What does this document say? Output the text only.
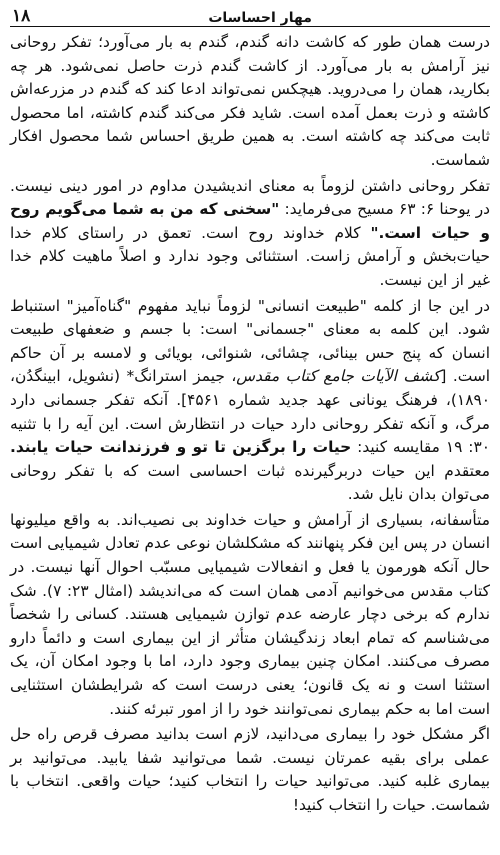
۱۸	مهار احساسات

درست همان طور که کاشت دانه گندم، گندم به بار می‌آورد؛ تفکر روحانی نیز آرامش به بار می‌آورد. از کاشت گندم ذرت حاصل نمی‌شود. هر چه بکارید، همان را می‌دروید. هیچکس نمی‌تواند ادعا کند که گندم در مزرعه‌اش کاشته و ذرت بعمل آمده است. شاید فکر می‌کند گندم کاشته، اما محصول ثابت می‌کند چه کاشته است. به همین طریق احساس شما محصول افکار شماست.

تفکر روحانی داشتن لزوماً به معنای اندیشیدن مداوم در امور دینی نیست. در یوحنا ۶: ۶۳ مسیح می‌فرماید: "سخنی که من به شما می‌گویم روح و حیات است." کلام خداوند روح است. تعمق در راستای کلام خدا حیات‌بخش و آرامش زاست. استثنائی وجود ندارد و اصلاً ماهیت کلام خدا غیر از این نیست.

در این جا از کلمه "طبیعت انسانی" لزوماً نباید مفهوم "گناه‌آمیز" استنباط شود. این کلمه به معنای "جسمانی" است: با جسم و ضعفهای طبیعت انسان که پنج حس بینائی، چشائی، شنوائی، بویائی و لامسه بر آن حاکم است. [کشف الآیات جامع کتاب مقدس، جیمز استرانگ* (نشویل، ابینگدُن، ۱۸۹۰)، فرهنگ یونانی عهد جدید شماره ۴۵۶۱]. آنکه تفکر جسمانی دارد مرگ، و آنکه تفکر روحانی دارد حیات در انتظارش است. این آیه را با تثنیه ۳۰: ۱۹ مقایسه کنید: حیات را برگزین تا تو و فرزندانت حیات یابند. معتقدم این حیات دربرگیرنده ثبات احساسی است که با تفکر روحانی می‌توان بدان نایل شد.

متأسفانه، بسیاری از آرامش و حیات خداوند بی نصیب‌اند. به واقع میلیونها انسان در پس این فکر پنهانند که مشکلشان نوعی عدم تعادل شیمیایی است حال آنکه هورمون یا فعل و انفعالات شیمیایی مسبّب احوال آنها نیست. در کتاب مقدس می‌خوانیم آدمی همان است که می‌اندیشد (امثال ۲۳: ۷). شک ندارم که برخی دچار عارضه عدم توازن شیمیایی هستند. کسانی را شخصاً می‌شناسم که تمام ابعاد زندگیشان متأثر از این بیماری است و دائماً دارو مصرف می‌کنند. امکان چنین بیماری وجود دارد، اما با وجود امکان آن، یک استثنا است و نه یک قانون؛ یعنی درست است که شرایطشان استثنایی است اما به حکم بیماری نمی‌توانند خود را از امور تبرئه کنند.

اگر مشکل خود را بیماری می‌دانید، لازم است بدانید مصرف قرص راه حل عملی برای بقیه عمرتان نیست. شما می‌توانید شفا یابید. می‌توانید بر بیماری غلبه کنید. می‌توانید حیات را انتخاب کنید؛ حیات واقعی. انتخاب با شماست. حیات را انتخاب کنید!
